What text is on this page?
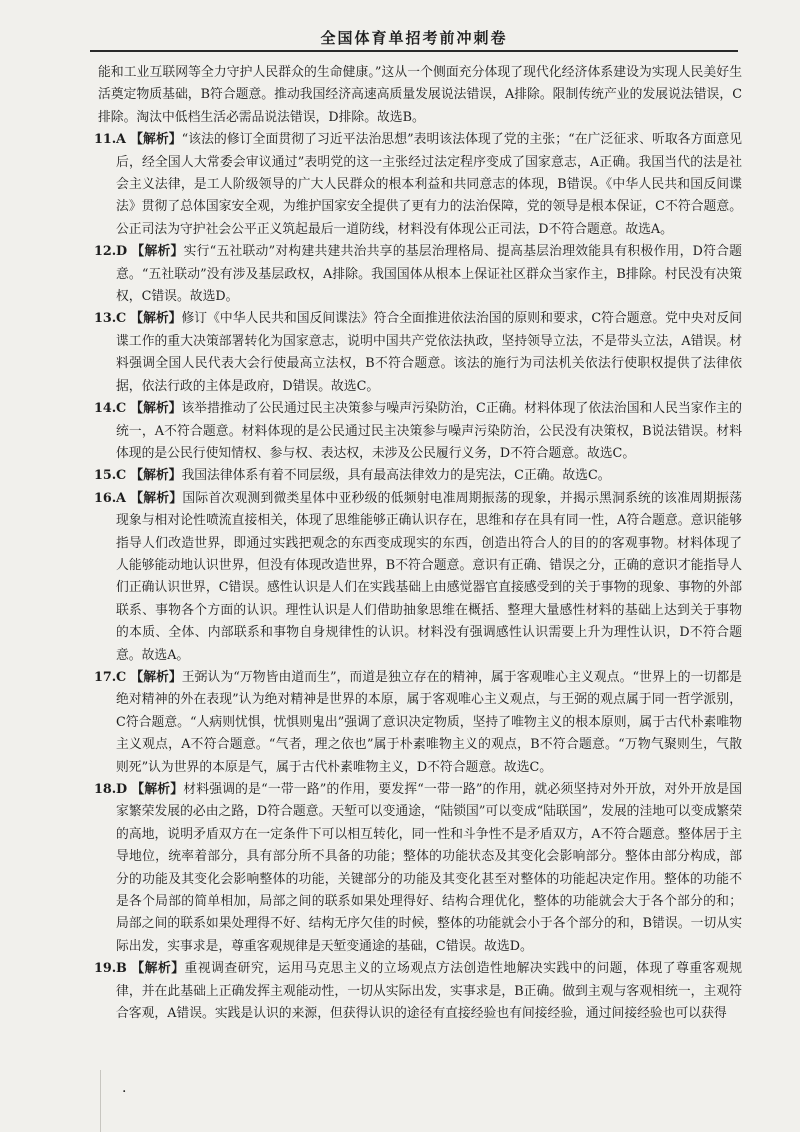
全国体育单招考前冲刺卷

能和工业互联网等全力守护人民群众的生命健康。”这从一个侧面充分体现了现代化经济体系建设为实现人民美好生活奠定物质基础，B符合题意。推动我国经济高速高质量发展说法错误，A排除。限制传统产业的发展说法错误，C排除。淘汰中低档生活必需品说法错误，D排除。故选B。

11. A 【解析】“该法的修订全面贯彻了习近平法治思想”表明该法体现了党的主张；“在广泛征求、听取各方面意见后，经全国人大常委会审议通过”表明党的这一主张经过法定程序变成了国家意志，A正确。我国当代的法是社会主义法律，是工人阶级领导的广大人民群众的根本利益和共同意志的体现，B错误。《中华人民共和国反间谍法》贯彻了总体国家安全观，为维护国家安全提供了更有力的法治保障，党的领导是根本保证，C不符合题意。公正司法为守护社会公平正义筑起最后一道防线，材料没有体现公正司法，D不符合题意。故选A。
12. D 【解析】实行“五社联动”对构建共建共治共享的基层治理格局、提高基层治理效能具有积极作用，D符合题意。“五社联动”没有涉及基层政权，A排除。我国国体从根本上保证社区群众当家作主，B排除。村民没有决策权，C错误。故选D。
13. C 【解析】修订《中华人民共和国反间谍法》符合全面推进依法治国的原则和要求，C符合题意。党中央对反间谍工作的重大决策部署转化为国家意志，说明中国共产党依法执政，坚持领导立法，不是带头立法，A错误。材料强调全国人民代表大会行使最高立法权，B不符合题意。该法的施行为司法机关依法行使职权提供了法律依据，依法行政的主体是政府，D错误。故选C。
14. C 【解析】该举措推动了公民通过民主决策参与噪声污染防治，C正确。材料体现了依法治国和人民当家作主的统一，A不符合题意。材料体现的是公民通过民主决策参与噪声污染防治，公民没有决策权，B说法错误。材料体现的是公民行使知情权、参与权、表达权，未涉及公民履行义务，D不符合题意。故选C。
15. C 【解析】我国法律体系有着不同层级，具有最高法律效力的是宪法，C正确。故选C。
16. A 【解析】国际首次观测到微类星体中亚秒级的低频射电准周期振荡的现象，并揭示黑洞系统的该准周期振荡现象与相对论性喷流直接相关，体现了思维能够正确认识存在，思维和存在具有同一性，A符合题意。意识能够指导人们改造世界，即通过实践把观念的东西变成现实的东西，创造出符合人的目的的客观事物。材料体现了人能够能动地认识世界，但没有体现改造世界，B不符合题意。意识有正确、错误之分，正确的意识才能指导人们正确认识世界，C错误。感性认识是人们在实践基础上由感觉器官直接感受到的关于事物的现象、事物的外部联系、事物各个方面的认识。理性认识是人们借助抽象思维在概括、整理大量感性材料的基础上达到关于事物的本质、全体、内部联系和事物自身规律性的认识。材料没有强调感性认识需要上升为理性认识，D不符合题意。故选A。
17. C 【解析】王弼认为“万物皆由道而生”，而道是独立存在的精神，属于客观唯心主义观点。“世界上的一切都是绝对精神的外在表现”认为绝对精神是世界的本原，属于客观唯心主义观点，与王弼的观点属于同一哲学派别，C符合题意。“人病则忧惧，忧惧则鬼出”强调了意识决定物质，坚持了唯物主义的根本原则，属于古代朴素唯物主义观点，A不符合题意。“气者，理之依也”属于朴素唯物主义的观点，B不符合题意。“万物气聚则生，气散则死”认为世界的本原是气，属于古代朴素唯物主义，D不符合题意。故选C。
18. D 【解析】材料强调的是“一带一路”的作用，要发挥“一带一路”的作用，就必须坚持对外开放，对外开放是国家繁荣发展的必由之路，D符合题意。天堑可以变通途，“陆锁国”可以变成“陆联国”，发展的洼地可以变成繁荣的高地，说明矛盾双方在一定条件下可以相互转化，同一性和斗争性不是矛盾双方，A不符合题意。整体居于主导地位，统率着部分，具有部分所不具备的功能；整体的功能状态及其变化会影响部分。整体由部分构成，部分的功能及其变化会影响整体的功能，关键部分的功能及其变化甚至对整体的功能起决定作用。整体的功能不是各个局部的简单相加，局部之间的联系如果处理得好、结构合理优化，整体的功能就会大于各个部分的和；局部之间的联系如果处理得不好、结构无序欠佳的时候，整体的功能就会小于各个部分的和，B错误。一切从实际出发，实事求是，尊重客观规律是天堑变通途的基础，C错误。故选D。
19. B 【解析】重视调查研究，运用马克思主义的立场观点方法创造性地解决实践中的问题，体现了尊重客观规律，并在此基础上正确发挥主观能动性，一切从实际出发，实事求是，B正确。做到主观与客观相统一，主观符合客观，A错误。实践是认识的来源，但获得认识的途径有直接经验也有间接经验，通过间接经验也可以获得
·
